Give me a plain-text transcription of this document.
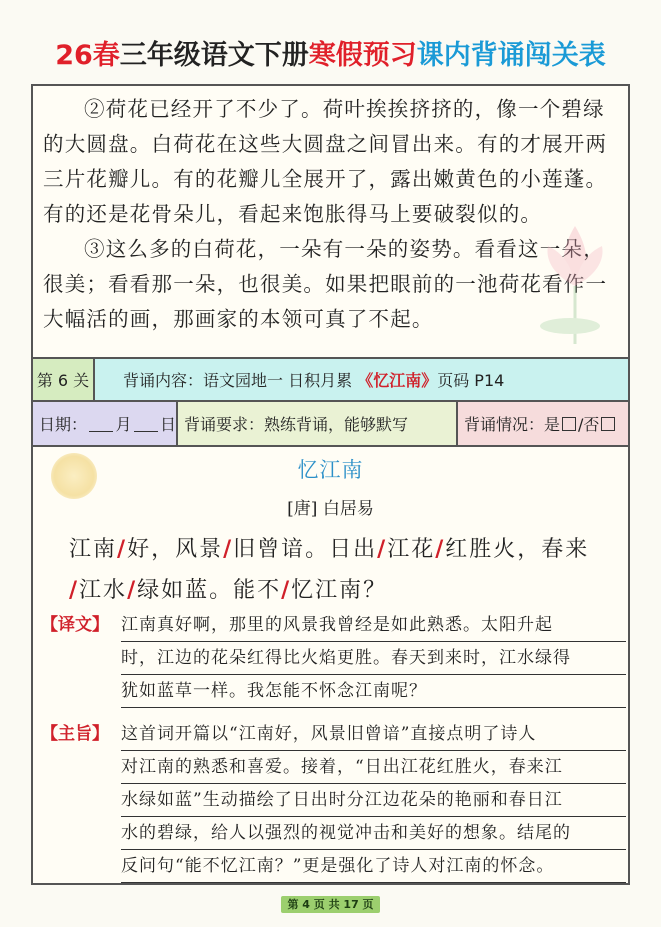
26春三年级语文下册寒假预习课内背诵闯关表

②荷花已经开了不少了。荷叶挨挨挤挤的，像一个碧绿的大圆盘。白荷花在这些大圆盘之间冒出来。有的才展开两三片花瓣儿。有的花瓣儿全展开了，露出嫩黄色的小莲蓬。有的还是花骨朵儿，看起来饱胀得马上要破裂似的。

③这么多的白荷花，一朵有一朵的姿势。看看这一朵，很美；看看那一朵，也很美。如果把眼前的一池荷花看作一大幅活的画，那画家的本领可真了不起。

第 6 关	背诵内容：语文园地一 日积月累 《忆江南》页码 P14
日期： 月 日 背诵要求：熟练背诵，能够默写	背诵情况：是 /否
忆江南
[唐] 白居易
江南/好，风景/旧曾谙。日出/江花/红胜火，春来
/江水/绿如蓝。能不/忆江南？
【译文】 江南真好啊，那里的风景我曾经是如此熟悉。太阳升起
时，江边的花朵红得比火焰更胜。春天到来时，江水绿得
犹如蓝草一样。我怎能不怀念江南呢？
【主旨】 这首词开篇以“江南好，风景旧曾谙”直接点明了诗人
对江南的熟悉和喜爱。接着，“日出江花红胜火，春来江
水绿如蓝”生动描绘了日出时分江边花朵的艳丽和春日江
水的碧绿，给人以强烈的视觉冲击和美好的想象。结尾的
反问句“能不忆江南？”更是强化了诗人对江南的怀念。
第 4 页 共 17 页
